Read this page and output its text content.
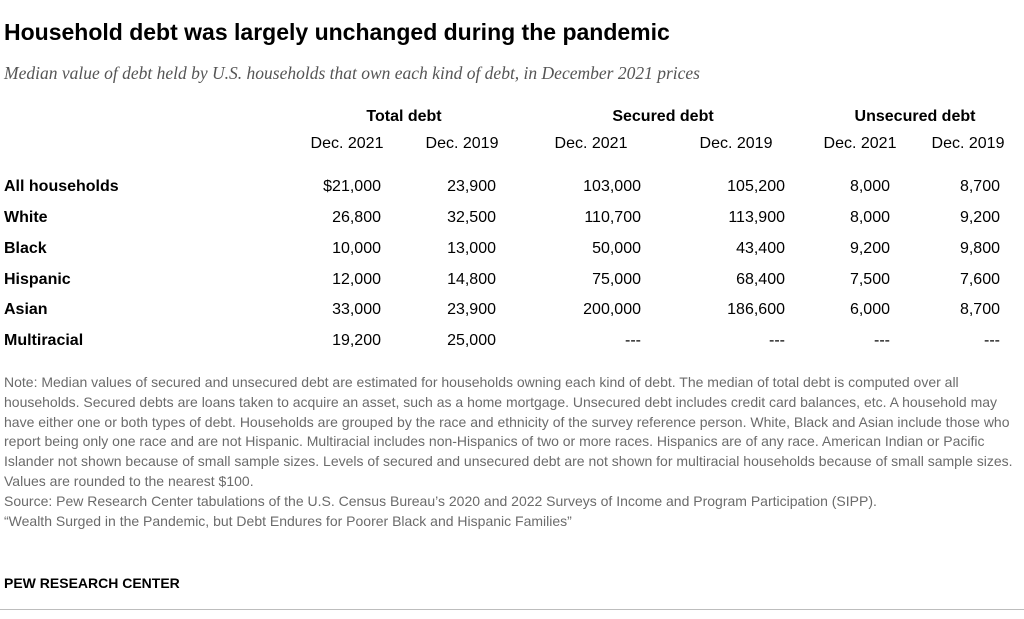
Household debt was largely unchanged during the pandemic
Median value of debt held by U.S. households that own each kind of debt, in December 2021 prices
Total debt
Dec. 2021	Dec. 2019
Secured debt
Dec. 2021	Dec. 2019
Unsecured debt
Dec. 2021 Dec. 2019
All households	$21,000	23,900	103,000	105,200	8,000	8,700
White	26,800	32,500	110,700	113,900	8,000	9,200
Black	10,000	13,000	50,000	43,400	9,200	9,800
Hispanic	12,000	14,800	75,000	68,400	7,500	7,600
Asian	33,000	23,900	200,000	186,600	6,000	8,700
Multiracial	19,200	25,000	---	---	---	---

Note: Median values of secured and unsecured debt are estimated for households owning each kind of debt. The median of total debt is computed over all households. Secured debts are loans taken to acquire an asset, such as a home mortgage. Unsecured debt includes credit card balances, etc. A household may have either one or both types of debt. Households are grouped by the race and ethnicity of the survey reference person. White, Black and Asian include those who report being only one race and are not Hispanic. Multiracial includes non-Hispanics of two or more races. Hispanics are of any race. American Indian or Pacific Islander not shown because of small sample sizes. Levels of secured and unsecured debt are not shown for multiracial households because of small sample sizes. Values are rounded to the nearest $100.

Source: Pew Research Center tabulations of the U.S. Census Bureau’s 2020 and 2022 Surveys of Income and Program Participation (SIPP).

“Wealth Surged in the Pandemic, but Debt Endures for Poorer Black and Hispanic Families”

PEW RESEARCH CENTER
